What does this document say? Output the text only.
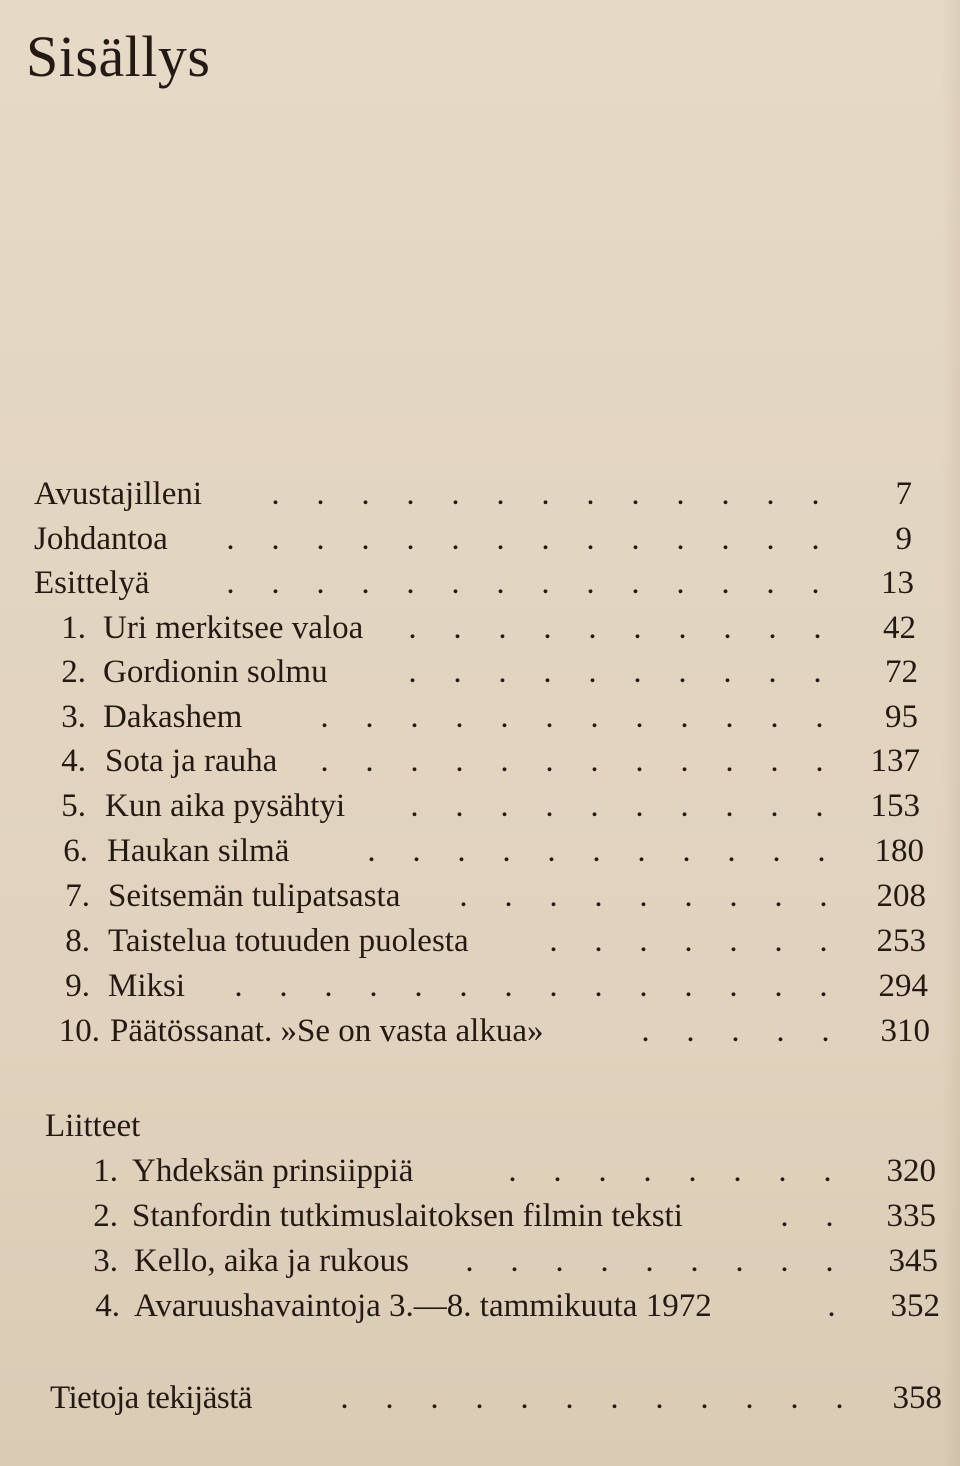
Sisällys
Avustajilleni	. . . . . . . . . . . . .	7
Johdantoa	. . . . . . . . . . . . . .	9
Esittelyä	. . . . . . . . . . . . . .	13
1. Uri merkitsee valoa	. . . . . . . . . .	42
2. Gordionin solmu	. . . . . . . . . .	72
3. Dakashem	. . . . . . . . . . . .	95
4. Sota ja rauha	. . . . . . . . . . . .	137
5. Kun aika pysähtyi	. . . . . . . . . .	153
6. Haukan silmä	. . . . . . . . . . .	180
7. Seitsemän tulipatsasta	. . . . . . . . .	208
8. Taistelua totuuden puolesta	. . . . . . .	253
9. Miksi	. . . . . . . . . . . . . .	294
10. Päätössanat. »Se on vasta alkua»	. . . . .	310
Liitteet
1. Yhdeksän prinsiippiä	. . . . . . . .	320
2. Stanfordin tutkimuslaitoksen filmin teksti	. .	335
3. Kello, aika ja rukous	. . . . . . . . .	345
4. Avaruushavaintoja 3.—8. tammikuuta 1972	.	352
Tietoja tekijästä	. . . . . . . . . . . .	358
